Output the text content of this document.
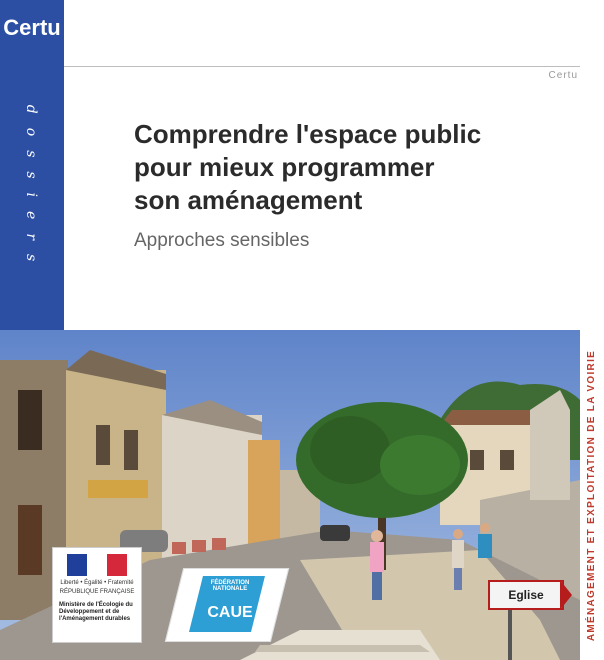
Certu
dossiers
Certu
Comprendre l'espace public
pour mieux programmer
son aménagement
Approches sensibles
AMÉNAGEMENT ET EXPLOITATION DE LA VOIRIE
Eglise
Liberté • Égalité • Fraternité
RÉPUBLIQUE FRANÇAISE
Ministère de l'Écologie du Développement et de l'Aménagement durables
FÉDÉRATION NATIONALE
CAUE
